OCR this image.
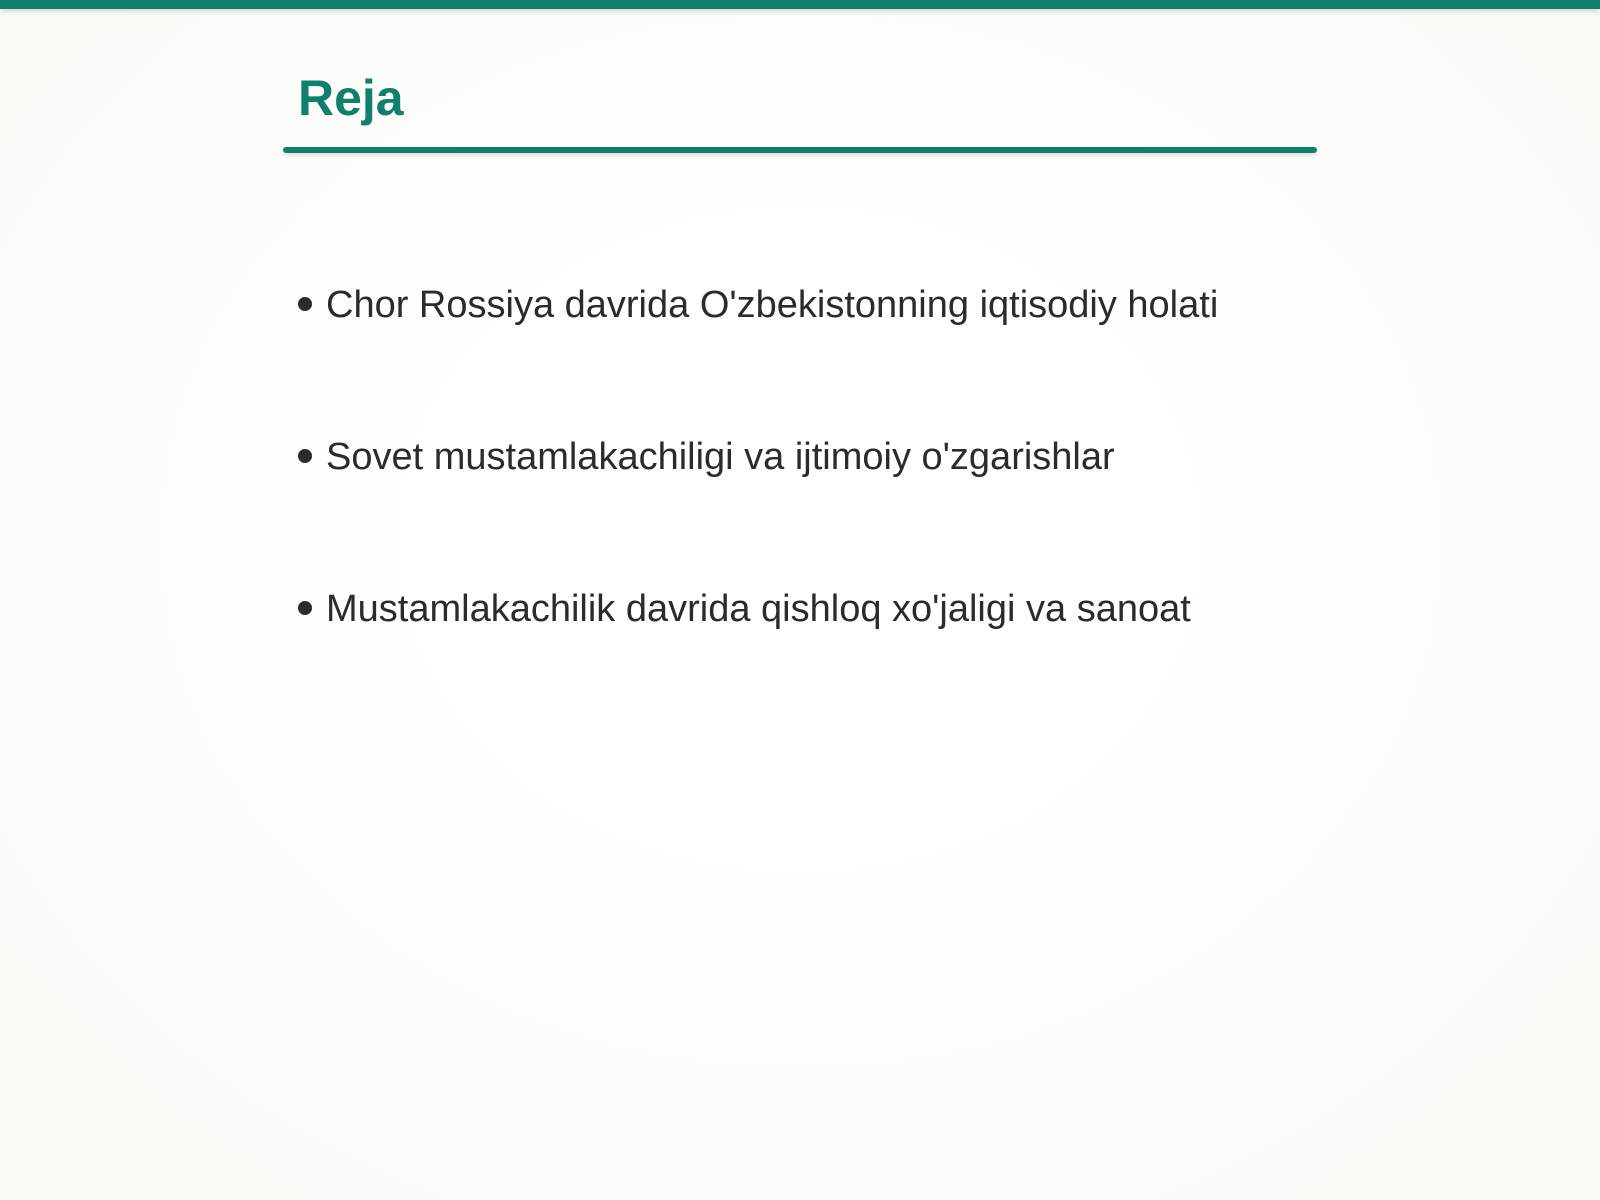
Reja
Chor Rossiya davrida O'zbekistonning iqtisodiy holati
Sovet mustamlakachiligi va ijtimoiy o'zgarishlar
Mustamlakachilik davrida qishloq xo'jaligi va sanoat
